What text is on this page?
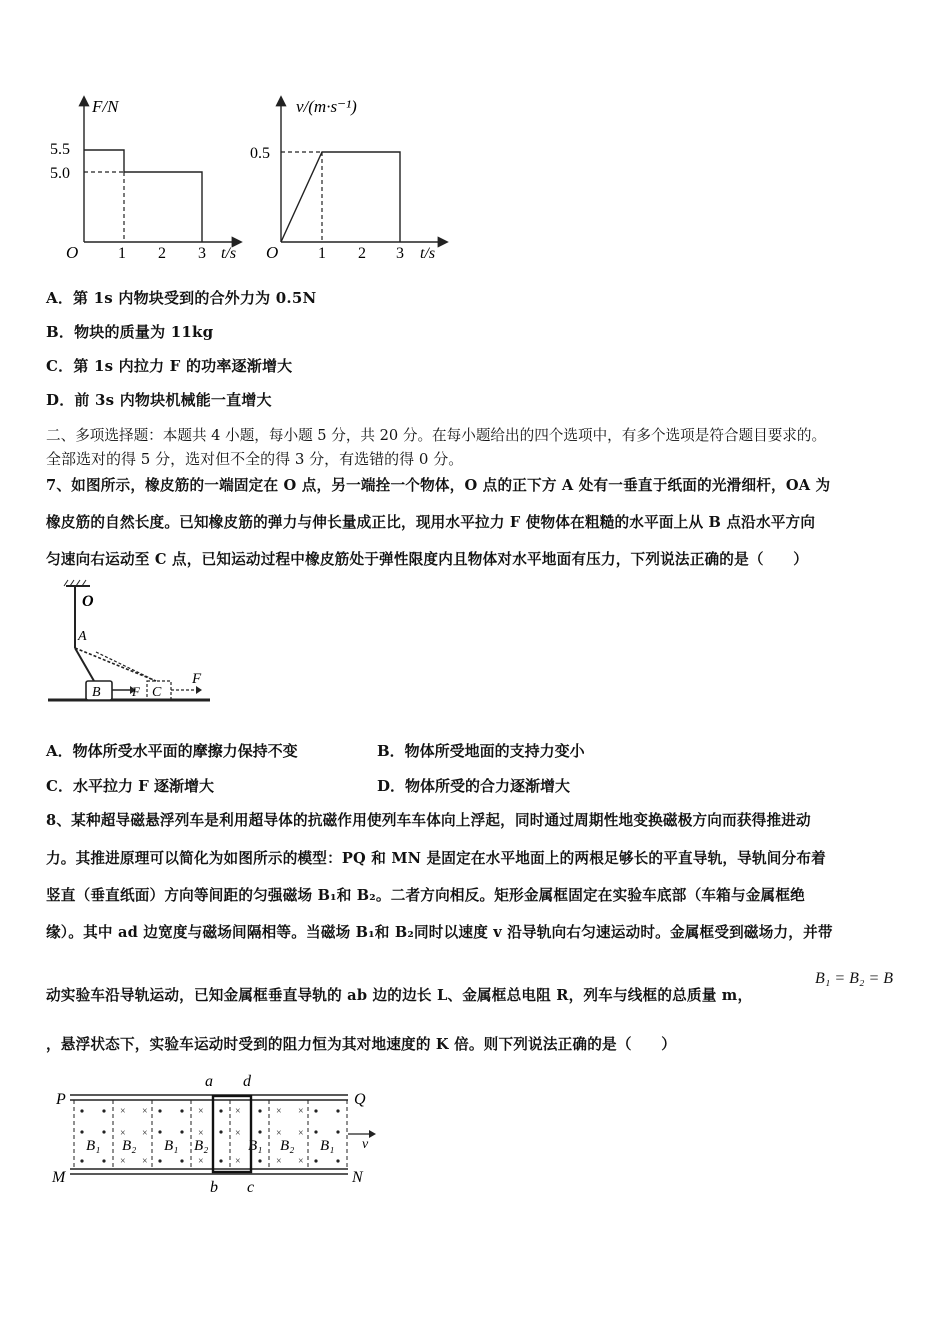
F/N
t/s
O
5.5
5.0
1 2 3
v/(m·s⁻¹)
t/s
O
0.5
1 2 3
A．第 1s 内物块受到的合外力为 0.5N
B．物块的质量为 11kg
C．第 1s 内拉力 F 的功率逐渐增大
D．前 3s 内物块机械能一直增大
二、多项选择题：本题共 4 小题，每小题 5 分，共 20 分。在每小题给出的四个选项中，有多个选项是符合题目要求的。
全部选对的得 5 分，选对但不全的得 3 分，有选错的得 0 分。
7、如图所示，橡皮筋的一端固定在 O 点，另一端拴一个物体，O 点的正下方 A 处有一垂直于纸面的光滑细杆，OA 为
橡皮筋的自然长度。已知橡皮筋的弹力与伸长量成正比，现用水平拉力 F 使物体在粗糙的水平面上从 B 点沿水平方向
匀速向右运动至 C 点，已知运动过程中橡皮筋处于弹性限度内且物体对水平地面有压力，下列说法正确的是（　　）
O
A
B F C
F
A．物体所受水平面的摩擦力保持不变	B．物体所受地面的支持力变小
C．水平拉力 F 逐渐增大	D．物体所受的合力逐渐增大
8、某种超导磁悬浮列车是利用超导体的抗磁作用使列车车体向上浮起，同时通过周期性地变换磁极方向而获得推进动
力。其推进原理可以简化为如图所示的模型：PQ 和 MN 是固定在水平地面上的两根足够长的平直导轨，导轨间分布着
竖直（垂直纸面）方向等间距的匀强磁场 B₁和 B₂。二者方向相反。矩形金属框固定在实验车底部（车箱与金属框绝
缘）。其中 ad 边宽度与磁场间隔相等。当磁场 B₁和 B₂同时以速度 v 沿导轨向右匀速运动时。金属框受到磁场力，并带
动实验车沿导轨运动，已知金属框垂直导轨的 ab 边的边长 L、金属框总电阻 R，列车与线框的总质量 m，
B₁ = B₂ = B
，悬浮状态下，实验车运动时受到的阻力恒为其对地速度的 K 倍。则下列说法正确的是（　　）
a d
P	Q
M	N
b c
× ×
× ×
× ×
×
×
×
×
×
×
× ×
× ×
× ×
B₁ B₂ B₁ B₂	B₁ B₂ B₁ v
